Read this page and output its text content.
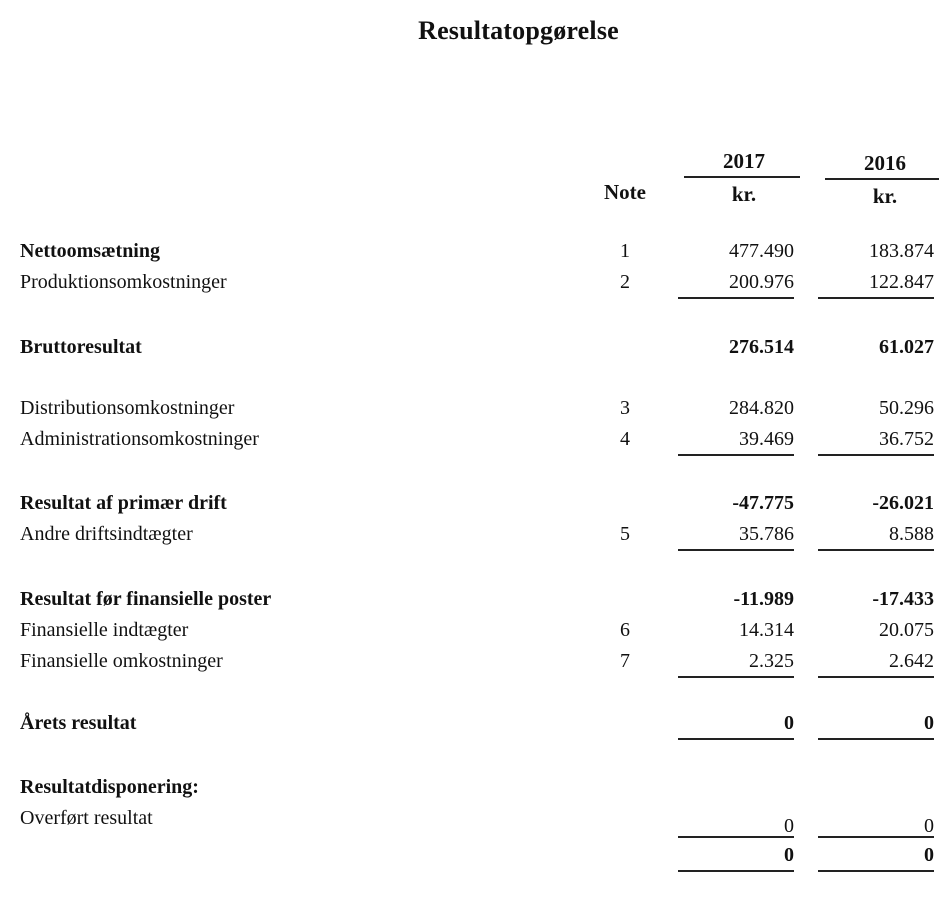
Resultatopgørelse
2017
kr.
2016
kr.
Note
Nettoomsætning	1	477.490	183.874
Produktionsomkostninger	2	200.976	122.847
Bruttoresultat	276.514	61.027
Distributionsomkostninger	3	284.820	50.296
Administrationsomkostninger	4	39.469	36.752
Resultat af primær drift	-47.775	-26.021
Andre driftsindtægter	5	35.786	8.588
Resultat før finansielle poster	-11.989	-17.433
Finansielle indtægter	6	14.314	20.075
Finansielle omkostninger	7	2.325	2.642
Årets resultat	0	0
Resultatdisponering:
Overført resultat	0	0
0	0
